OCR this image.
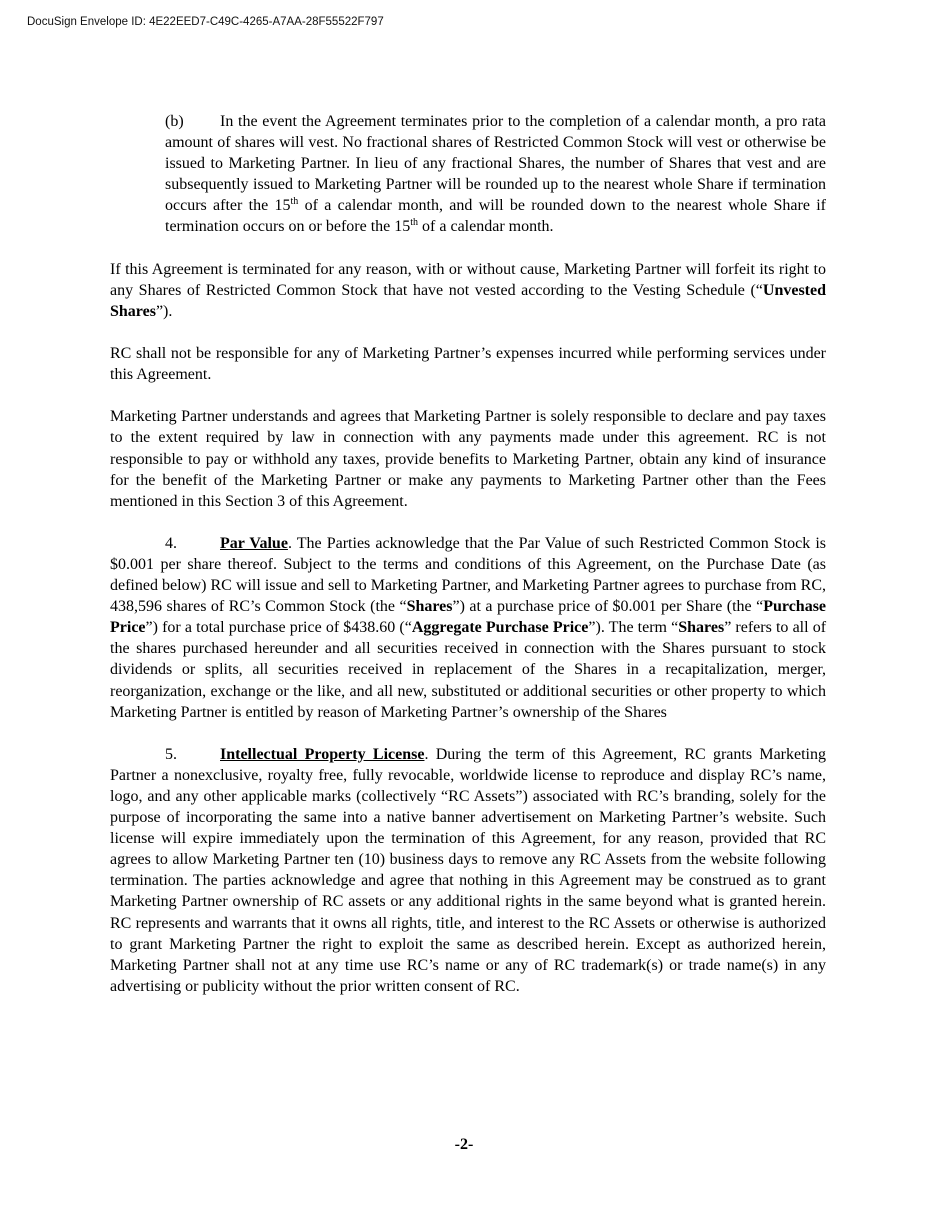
DocuSign Envelope ID: 4E22EED7-C49C-4265-A7AA-28F55522F797

(b) In the event the Agreement terminates prior to the completion of a calendar month, a pro rata amount of shares will vest. No fractional shares of Restricted Common Stock will vest or otherwise be issued to Marketing Partner. In lieu of any fractional Shares, the number of Shares that vest and are subsequently issued to Marketing Partner will be rounded up to the nearest whole Share if termination occurs after the 15th of a calendar month, and will be rounded down to the nearest whole Share if termination occurs on or before the 15th of a calendar month.

If this Agreement is terminated for any reason, with or without cause, Marketing Partner will forfeit its right to any Shares of Restricted Common Stock that have not vested according to the Vesting Schedule (“Unvested Shares”).

RC shall not be responsible for any of Marketing Partner’s expenses incurred while performing services under this Agreement.

Marketing Partner understands and agrees that Marketing Partner is solely responsible to declare and pay taxes to the extent required by law in connection with any payments made under this agreement. RC is not responsible to pay or withhold any taxes, provide benefits to Marketing Partner, obtain any kind of insurance for the benefit of the Marketing Partner or make any payments to Marketing Partner other than the Fees mentioned in this Section 3 of this Agreement.

4.	Par Value. The Parties acknowledge that the Par Value of such Restricted Common Stock is $0.001 per share thereof. Subject to the terms and conditions of this Agreement, on the Purchase Date (as defined below) RC will issue and sell to Marketing Partner, and Marketing Partner agrees to purchase from RC, 438,596 shares of RC’s Common Stock (the “Shares”) at a purchase price of $0.001 per Share (the “Purchase Price”) for a total purchase price of $438.60 (“Aggregate Purchase Price”). The term “Shares” refers to all of the shares purchased hereunder and all securities received in connection with the Shares pursuant to stock dividends or splits, all securities received in replacement of the Shares in a recapitalization, merger, reorganization, exchange or the like, and all new, substituted or additional securities or other property to which Marketing Partner is entitled by reason of Marketing Partner’s ownership of the Shares

5.	Intellectual Property License. During the term of this Agreement, RC grants Marketing Partner a nonexclusive, royalty free, fully revocable, worldwide license to reproduce and display RC’s name, logo, and any other applicable marks (collectively “RC Assets”) associated with RC’s branding, solely for the purpose of incorporating the same into a native banner advertisement on Marketing Partner’s website. Such license will expire immediately upon the termination of this Agreement, for any reason, provided that RC agrees to allow Marketing Partner ten (10) business days to remove any RC Assets from the website following termination. The parties acknowledge and agree that nothing in this Agreement may be construed as to grant Marketing Partner ownership of RC assets or any additional rights in the same beyond what is granted herein. RC represents and warrants that it owns all rights, title, and interest to the RC Assets or otherwise is authorized to grant Marketing Partner the right to exploit the same as described herein. Except as authorized herein, Marketing Partner shall not at any time use RC’s name or any of RC trademark(s) or trade name(s) in any advertising or publicity without the prior written consent of RC.

-2-
